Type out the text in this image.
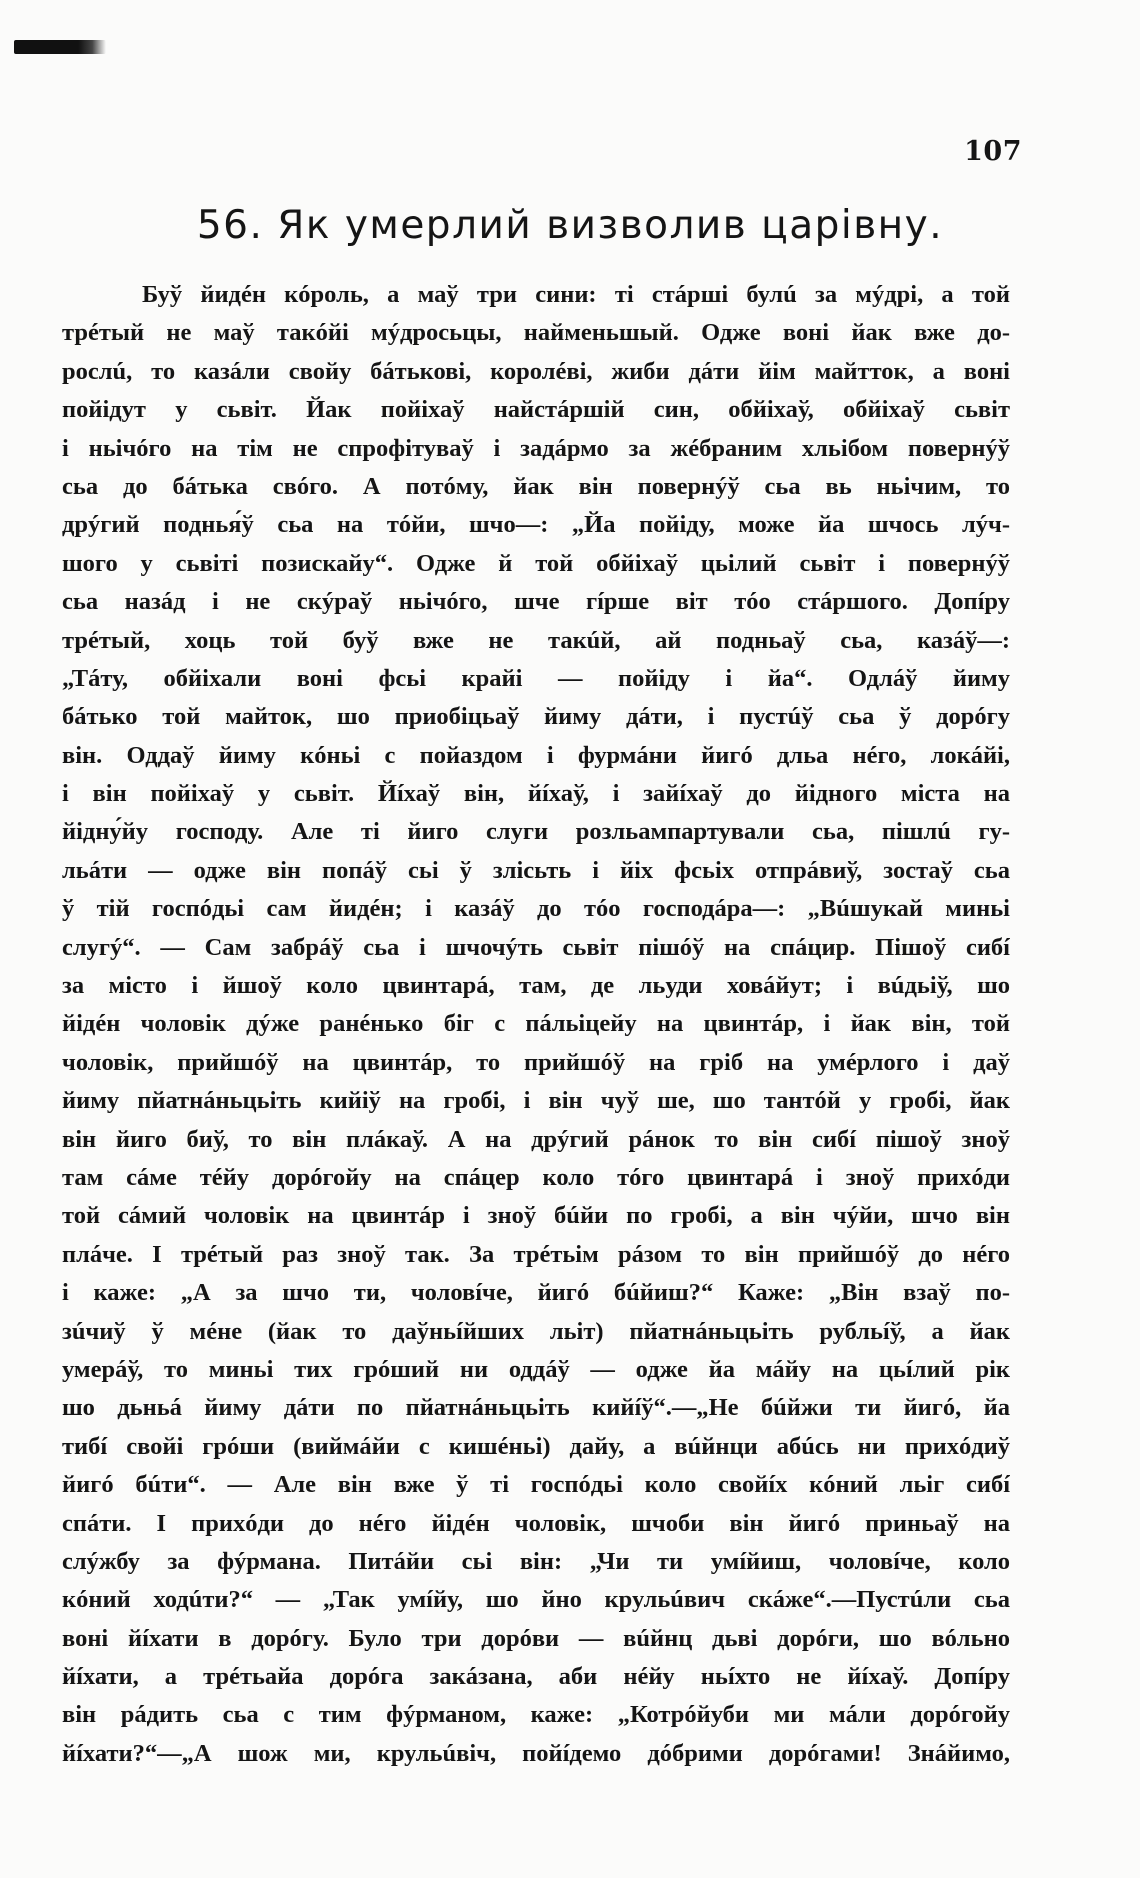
107
56. Як умерлий визволив царівну.
Буў йидéн кóроль, а маў три сини: ті стáрші булú за мýдрі, а той
трéтый не маў такóйі мýдросьцы, найменьшый. Одже воні йак вже до-
рослú, то казáли свойу бáтькові, королéві, жиби дáти йім майтток, а воні
пойідут у сьвіт. Йак пойіхаў найстáршій син, обйіхаў, обйіхаў сьвіт
і ньічóго на тім не спрофітуваў і задáрмо за жéбраним хльібом повернýў
сьа до бáтька свóго. А потóму, йак він повернýў сьа вь ньічим, то
дрýгий поднья́ў сьа на тóйи, шчо—: „Йа пойіду, може йа шчось лýч-
шого у сьвіті позискайу“. Одже й той обйіхаў цьілий сьвіт і повернýў
сьа назáд і не скýраў ньічóго, шче гíрше віт тóо стáршого. Допíру
трéтый, хоць той буў вже не такúй, ай подньаў сьа, казáў—:
„Тáту, обйіхали воні фсьі крайі — пойіду і йа“. Одлáў йиму
бáтько той майток, шо приобіцьаў йиму дáти, і пустúў сьа ў дорóгу
він. Оддаў йиму кóньі с пойаздом і фурмáни йигó дльа нéго, локáйі,
і він пойіхаў у сьвіт. Йíхаў він, йíхаў, і зайíхаў до йідного міста на
йідну́йу господу. Але ті йиго слуги розльампартували сьа, пішлú гу-
льáти — одже він попáў сьі ў злісьть і йіх фсьіх отпрáвиў, зостаў сьа
ў тій госпóдьі сам йидéн; і казáў до тóо господáра—: „Вúшукай миньі
слугý“. — Сам забрáў сьа і шчочýть сьвіт пішóў на спáцир. Пішоў сибí
за місто і йшоў коло цвинтарá, там, де льуди ховáйут; і вúдьіў, шо
йідéн чоловік дýже ранéнько біг с пáльіцейу на цвинтáр, і йак він, той
чоловік, прийшóў на цвинтáр, то прийшóў на гріб на умéрлого і даў
йиму пйатнáньцьіть кийіў на гробі, і він чуў ше, шо тантóй у гробі, йак
він йиго биў, то він плáкаў. А на дрýгий рáнок то він сибí пішоў зноў
там сáме тéйу дорóгойу на спáцер коло тóго цвинтарá і зноў прихóди
той сáмий чоловік на цвинтáр і зноў бúйи по гробі, а він чýйи, шчо він
плáче. І трéтый раз зноў так. За трéтьім рáзом то він прийшóў до нéго
і каже: „А за шчо ти, чоловíче, йигó бúйиш?“ Каже: „Він взаў по-
зúчиў ў мéне (йак то даўньíйших льіт) пйатнáньцьіть рубльíў, а йак
умерáў, то миньі тих грóший ни оддáў — одже йа мáйу на цьíлий рік
шо дьньá йиму дáти по пйатнáньцьіть кийíў“.—„Не бúйжи ти йигó, йа
тибí свойі грóши (виймáйи с кишéньі) дайу, а вúйнци абúсь ни прихóдиў
йигó бúти“. — Але він вже ў ті госпóдьі коло свойíх кóний льіг сибí
спáти. І прихóди до нéго йідéн чоловік, шчоби він йигó приньаў на
слýжбу за фýрмана. Питáйи сьі він: „Чи ти умíйиш, чоловíче, коло
кóний ходúти?“ — „Так умíйу, шо йно крульúвич скáже“.—Пустúли сьа
воні йíхати в дорóгу. Було три дорóви — вúйнц дьві дорóги, шо вóльно
йíхати, а трéтьайа дорóга закáзана, аби нéйу ньíхто не йíхаў. Допíру
він рáдить сьа с тим фýрманом, каже: „Котрóйуби ми мáли дорóгойу
йíхати?“—„А шож ми, крульúвіч, пойíдемо дóбрими дорóгами! Знáйимо,
